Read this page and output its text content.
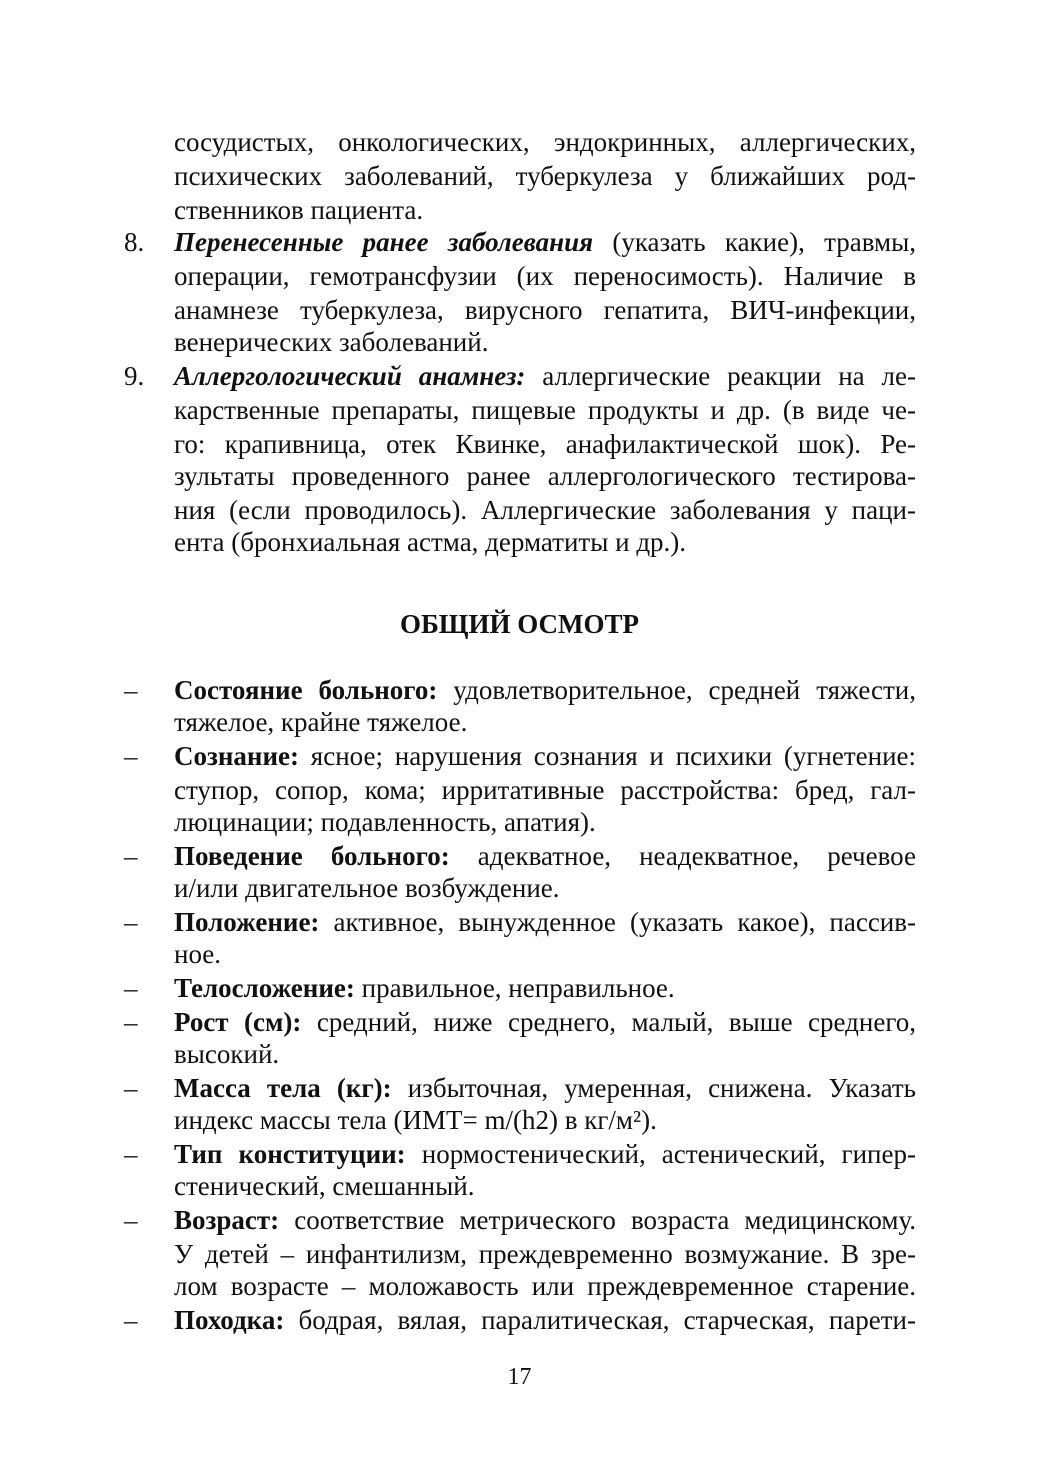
сосудистых, онкологических, эндокринных, аллергических,
психических заболеваний, туберкулеза у ближайших род-
ственников пациента.
8. Перенесенные ранее заболевания (указать какие), травмы,
операции, гемотрансфузии (их переносимость). Наличие в
анамнезе туберкулеза, вирусного гепатита, ВИЧ-инфекции,
венерических заболеваний.
9. Аллергологический анамнез: аллергические реакции на ле-
карственные препараты, пищевые продукты и др. (в виде че-
го: крапивница, отек Квинке, анафилактической шок). Ре-
зультаты проведенного ранее аллергологического тестирова-
ния (если проводилось). Аллергические заболевания у паци-
ента (бронхиальная астма, дерматиты и др.).
ОБЩИЙ ОСМОТР
– Состояние больного: удовлетворительное, средней тяжести,
тяжелое, крайне тяжелое.
– Сознание: ясное; нарушения сознания и психики (угнетение:
ступор, сопор, кома; ирритативные расстройства: бред, гал-
люцинации; подавленность, апатия).
– Поведение больного: адекватное, неадекватное, речевое
и/или двигательное возбуждение.
– Положение: активное, вынужденное (указать какое), пассив-
ное.
– Телосложение: правильное, неправильное.
– Рост (см): средний, ниже среднего, малый, выше среднего,
высокий.
– Масса тела (кг): избыточная, умеренная, снижена. Указать
индекс массы тела (ИМТ= m/(h2) в кг/м²).
– Тип конституции: нормостенический, астенический, гипер-
стенический, смешанный.
– Возраст: соответствие метрического возраста медицинскому.
У детей – инфантилизм, преждевременно возмужание. В зре-
лом возрасте – моложавость или преждевременное старение.
– Походка: бодрая, вялая, паралитическая, старческая, парети-
17
